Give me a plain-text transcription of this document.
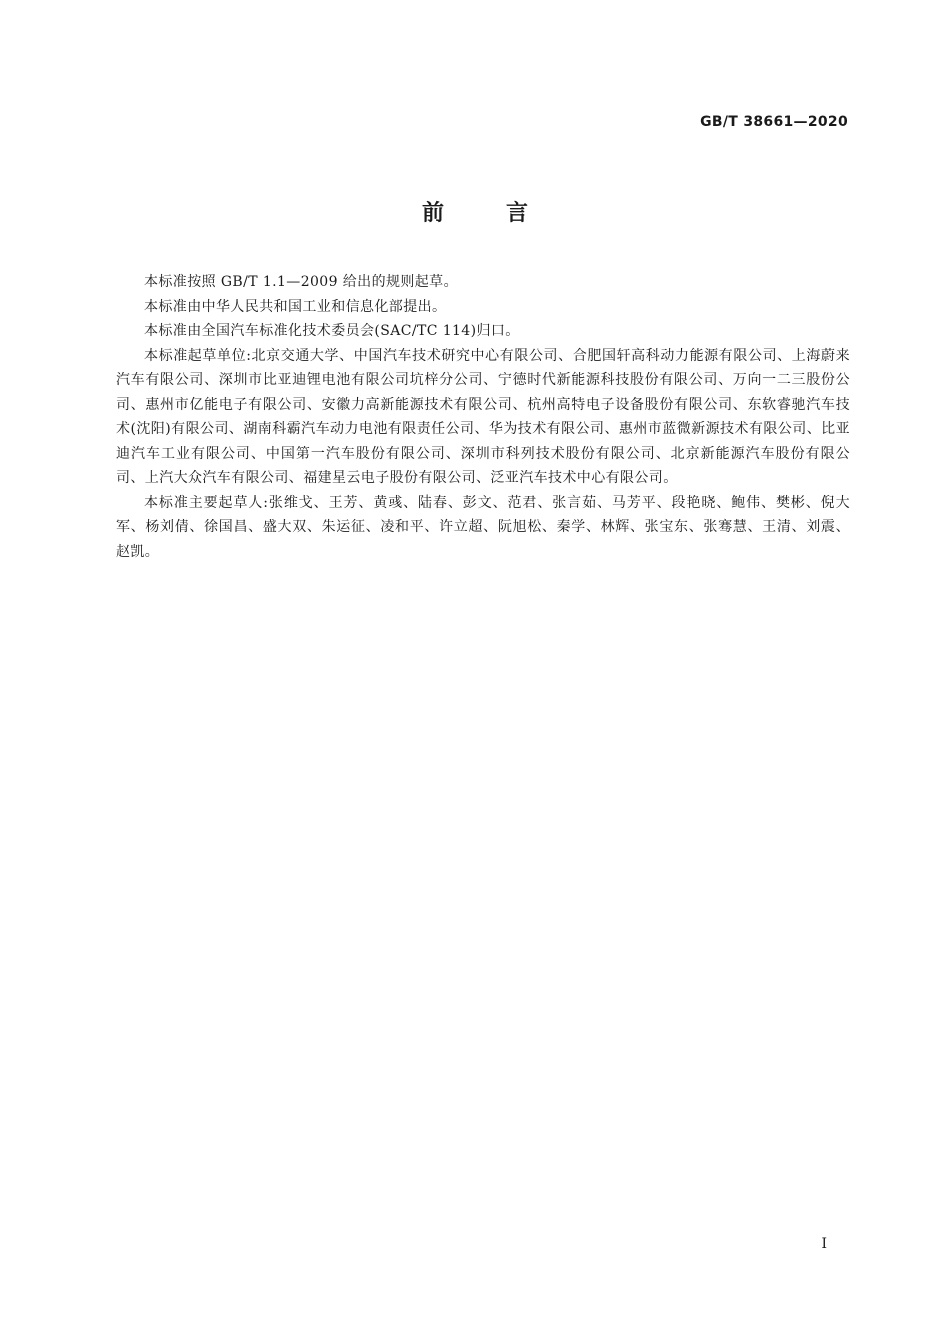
GB/T 38661—2020
前言

本标准按照 GB/T 1.1—2009 给出的规则起草。

本标准由中华人民共和国工业和信息化部提出。

本标准由全国汽车标准化技术委员会(SAC/TC 114)归口。

本标准起草单位:北京交通大学、中国汽车技术研究中心有限公司、合肥国轩高科动力能源有限公司、上海蔚来汽车有限公司、深圳市比亚迪锂电池有限公司坑梓分公司、宁德时代新能源科技股份有限公司、万向一二三股份公司、惠州市亿能电子有限公司、安徽力高新能源技术有限公司、杭州高特电子设备股份有限公司、东软睿驰汽车技术(沈阳)有限公司、湖南科霸汽车动力电池有限责任公司、华为技术有限公司、惠州市蓝微新源技术有限公司、比亚迪汽车工业有限公司、中国第一汽车股份有限公司、深圳市科列技术股份有限公司、北京新能源汽车股份有限公司、上汽大众汽车有限公司、福建星云电子股份有限公司、泛亚汽车技术中心有限公司。

本标准主要起草人:张维戈、王芳、黄彧、陆春、彭文、范君、张言茹、马芳平、段艳晓、鲍伟、樊彬、倪大军、杨刘倩、徐国昌、盛大双、朱运征、凌和平、许立超、阮旭松、秦学、林辉、张宝东、张骞慧、王清、刘震、赵凯。

I
